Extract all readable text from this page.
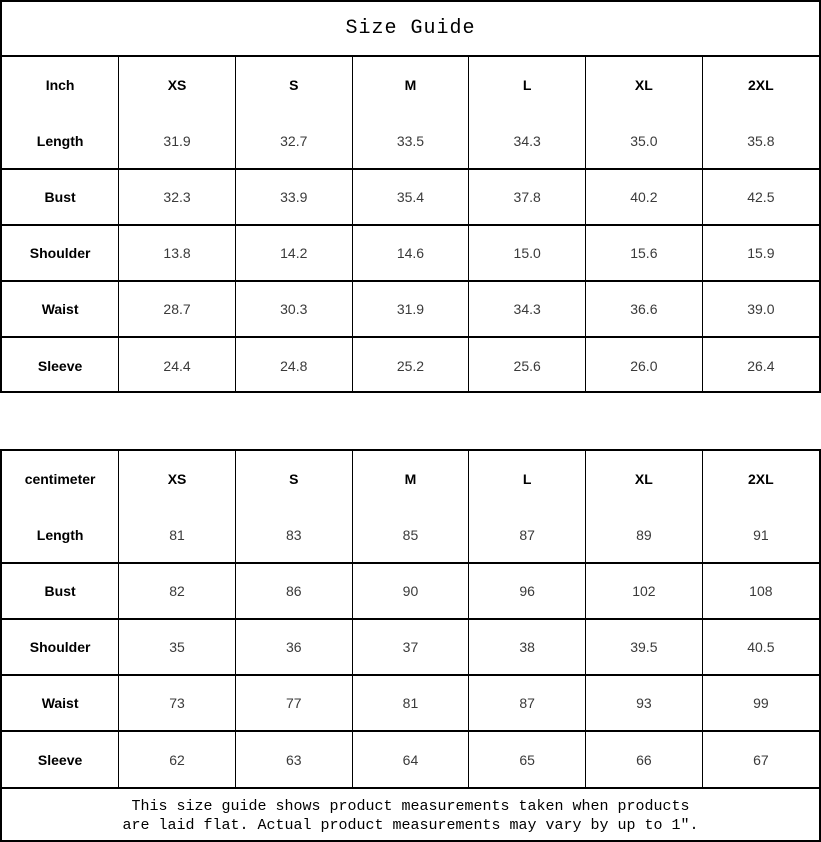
Size Guide
Inch	XS	S	M	L	XL	2XL
Length	31.9	32.7	33.5	34.3	35.0	35.8
Bust	32.3	33.9	35.4	37.8	40.2	42.5
Shoulder	13.8	14.2	14.6	15.0	15.6	15.9
Waist	28.7	30.3	31.9	34.3	36.6	39.0
Sleeve	24.4	24.8	25.2	25.6	26.0	26.4
centimeter	XS	S	M	L	XL	2XL
Length	81	83	85	87	89	91
Bust	82	86	90	96	102	108
Shoulder	35	36	37	38	39.5	40.5
Waist	73	77	81	87	93	99
Sleeve	62	63	64	65	66	67
This size guide shows product measurements taken when products
are laid flat. Actual product measurements may vary by up to 1″.
